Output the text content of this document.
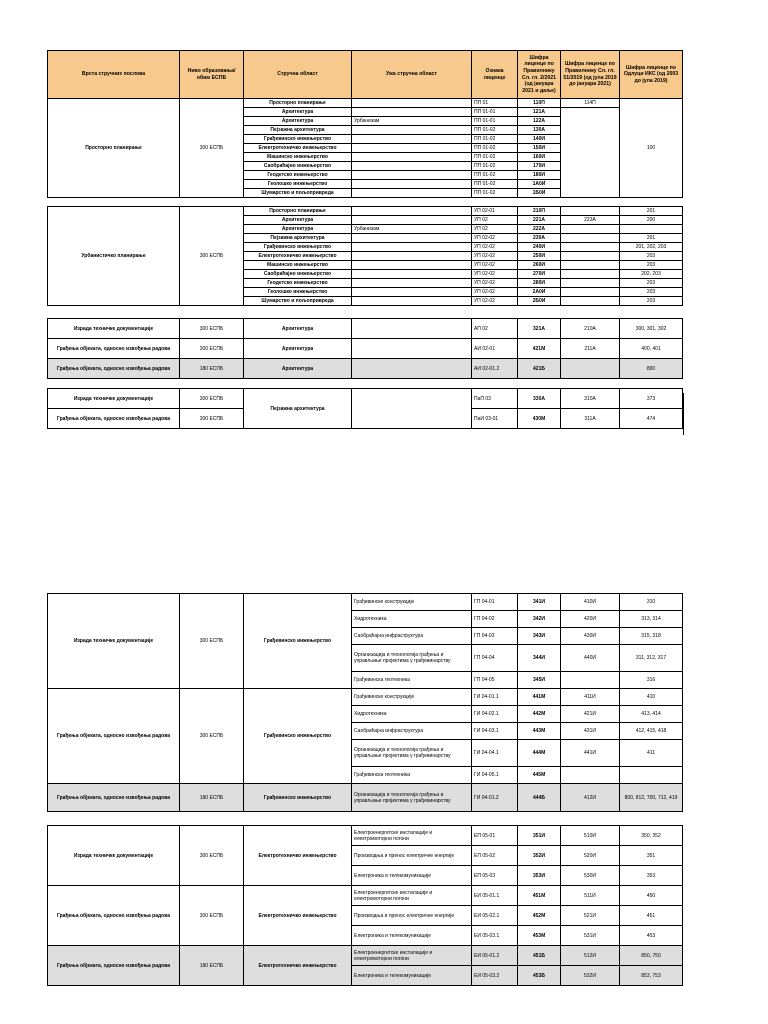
Врста стручних послова	Ниво образовања/обим ЕСПБ	Стручна област	Ужа стручна област	Ознака лиценце	Шифра лиценце по Правилнику Сл. гл. 2/2021 (од јануара 2021 и даље)	Шифра лиценце по Правилнику Сл. гл. 51/2019 (од јула 2019 до јануара 2021)	Шифра лиценце по Одлуци ИКС (од 2003 до јула 2019)
Просторно планирање	300 ЕСПБ	Просторно планирање		ПП 01	110П	114П	100
		Архитектура		ПП 01-01	121А		
		Архитектура	Урбанизам	ПП 01-01	122А		
		Пејзажна архитектура		ПП 01-02	130А		
		Грађевинско инжењерство		ПП 01-02	140И		
		Електротехничко инжењерство		ПП 01-02	150И		
		Машинско инжењерство		ПП 01-02	160И		
		Саобраћајно инжењерство		ПП 01-02	170И		
		Геодетско инжењерство		ПП 01-02	180И		
		Геолошко инжењерство		ПП 01-02	1А0И		
		Шумарство и пољопривреда		ПП 01-02	1Б0И		
Урбанистичко планирање	300 ЕСПБ	Просторно планирање		УП 02-01	210П		201
		Архитектура		УП 02	221А	223А	200
		Архитектура	Урбанизам	УП 02	222А		
		Пејзажна архитектура		УП 02-02	230А		201
		Грађевинско инжењерство		УП 02-02	240И		201, 202, 203
		Електротехничко инжењерство		УП 02-02	250И		203
		Машинско инжењерство		УП 02-02	260И		203
		Саобраћајно инжењерство		УП 02-02	270И		202, 203
		Геодетско инжењерство		УП 02-02	280И		203
		Геолошко инжењерство		УП 02-02	2А0И		203
		Шумарство и пољопривреда		УП 02-02	2Б0И		203
Израда техничке документације	300 ЕСПБ	Архитектура		АП 02	321А	210А	300, 301, 302
Грађења објеката, односно извођења радова	300 ЕСПБ	Архитектура		АИ 02-01	421М	211А	400, 401
Грађења објеката, односно извођења радова	180 ЕСПБ	Архитектура		АИ 02-01.2	421Б		800
Израда техничке документације	300 ЕСПБ	Пејзажна архитектура		ПаП 03	330А	310А	373
Грађења објеката, односно извођења радова	300 ЕСПБ			ПаИ 03-01	430М	311А	474
Израда техничке документације	300 ЕСПБ	Грађевинско инжењерство	Грађевинске конструкције	ГП 04-01	341И	410И	310
			Хидротехника	ГП 04-02	342И	420И	313, 314
			Саобраћајна инфраструктура	ГП 04-03	343И	430И	315, 318
			Организација и технологија грађења и управљање пројектима у грађевинарству	ГП 04-04	344И	440И	311, 312, 317
			Грађевинска геотехника	ГП 04-05	345И		316
Грађења објеката, односно извођења радова	300 ЕСПБ	Грађевинско инжењерство	Грађевинске конструкције	ГИ 04-01.1	441М	411И	410
			Хидротехника	ГИ 04-02.1	442М	421И	413, 414
			Саобраћајна инфраструктура	ГИ 04-03.1	443М	431И	412, 415, 418
			Организација и технологија грађења и управљање пројектима у грађевинарству	ГИ 04-04.1	444М	441И	411
			Грађевинска геотехника	ГИ 04-05.1	445М		
Грађења објеката, односно извођења радова	180 ЕСПБ	Грађевинско инжењерство	Организација и технологија грађења и управљање пројектима у грађевинарству	ГИ 04-01.2	444Б	412И	800, 812, 700, 712, 419
Израда техничке документације	300 ЕСПБ	Електротехничко инжењерство	Електроенергетске инсталације и електромоторни погони	ЕП 05-01	351И	510И	350, 352
			Производња и пренос електричне енергије	ЕП 05-02	352И	520И	351
			Електроника и телекомуникације	ЕП 05-03	353И	530И	353
Грађења објеката, односно извођења радова	300 ЕСПБ	Електротехничко инжењерство	Електроенергетске инсталације и електромоторни погони	ЕИ 05-01.1	451М	511И	450
			Производња и пренос електричне енергије	ЕИ 05-02.1	452М	521И	451
			Електроника и телекомуникације	ЕИ 05-03.1	453М	531И	453
Грађења објеката, односно извођења радова	180 ЕСПБ	Електротехничко инжењерство	Електроенергетске инсталације и електромоторни погони	ЕИ 05-01.2	451Б	512И	850, 750
			Електроника и телекомуникације	ЕИ 05-03.2	453Б	532И	853, 753
